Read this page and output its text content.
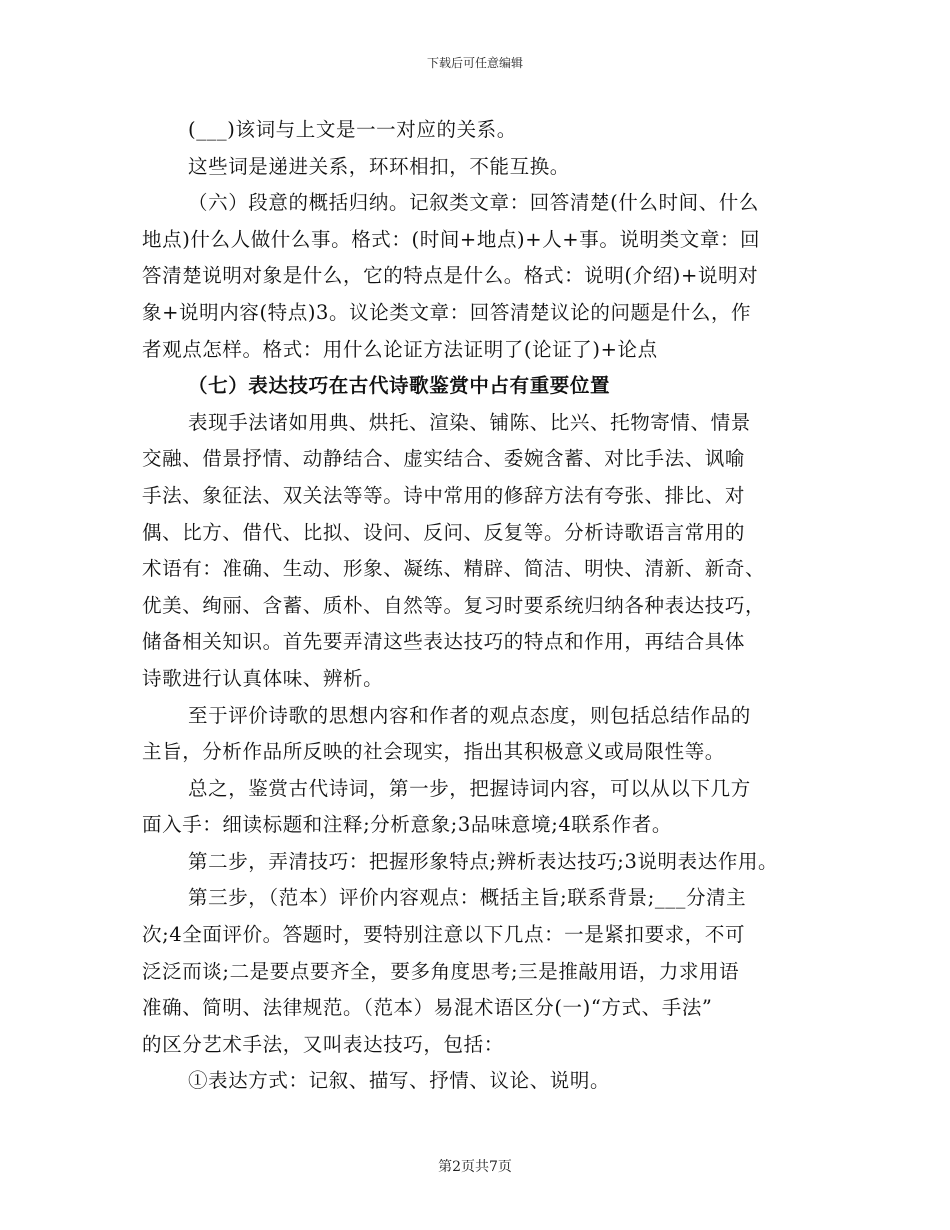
下载后可任意编辑
(___)该词与上文是一一对应的关系。
这些词是递进关系，环环相扣，不能互换。
（六）段意的概括归纳。记叙类文章：回答清楚(什么时间、什么
地点)什么人做什么事。格式：(时间+地点)+人+事。说明类文章：回
答清楚说明对象是什么，它的特点是什么。格式：说明(介绍)+说明对
象+说明内容(特点)3。议论类文章：回答清楚议论的问题是什么，作
者观点怎样。格式：用什么论证方法证明了(论证了)+论点
（七）表达技巧在古代诗歌鉴赏中占有重要位置
表现手法诸如用典、烘托、渲染、铺陈、比兴、托物寄情、情景
交融、借景抒情、动静结合、虚实结合、委婉含蓄、对比手法、讽喻
手法、象征法、双关法等等。诗中常用的修辞方法有夸张、排比、对
偶、比方、借代、比拟、设问、反问、反复等。分析诗歌语言常用的
术语有：准确、生动、形象、凝练、精辟、简洁、明快、清新、新奇、
优美、绚丽、含蓄、质朴、自然等。复习时要系统归纳各种表达技巧，
储备相关知识。首先要弄清这些表达技巧的特点和作用，再结合具体
诗歌进行认真体味、辨析。
至于评价诗歌的思想内容和作者的观点态度，则包括总结作品的
主旨，分析作品所反映的社会现实，指出其积极意义或局限性等。
总之，鉴赏古代诗词，第一步，把握诗词内容，可以从以下几方
面入手：细读标题和注释;分析意象;3品味意境;4联系作者。
第二步，弄清技巧：把握形象特点;辨析表达技巧;3说明表达作用。
第三步，（范本）评价内容观点：概括主旨;联系背景;___分清主
次;4全面评价。答题时，要特别注意以下几点：一是紧扣要求，不可
泛泛而谈;二是要点要齐全，要多角度思考;三是推敲用语，力求用语
准确、简明、法律规范。（范本）易混术语区分(一)“方式、手法”
的区分艺术手法，又叫表达技巧，包括：
①表达方式：记叙、描写、抒情、议论、说明。
第2页共7页
